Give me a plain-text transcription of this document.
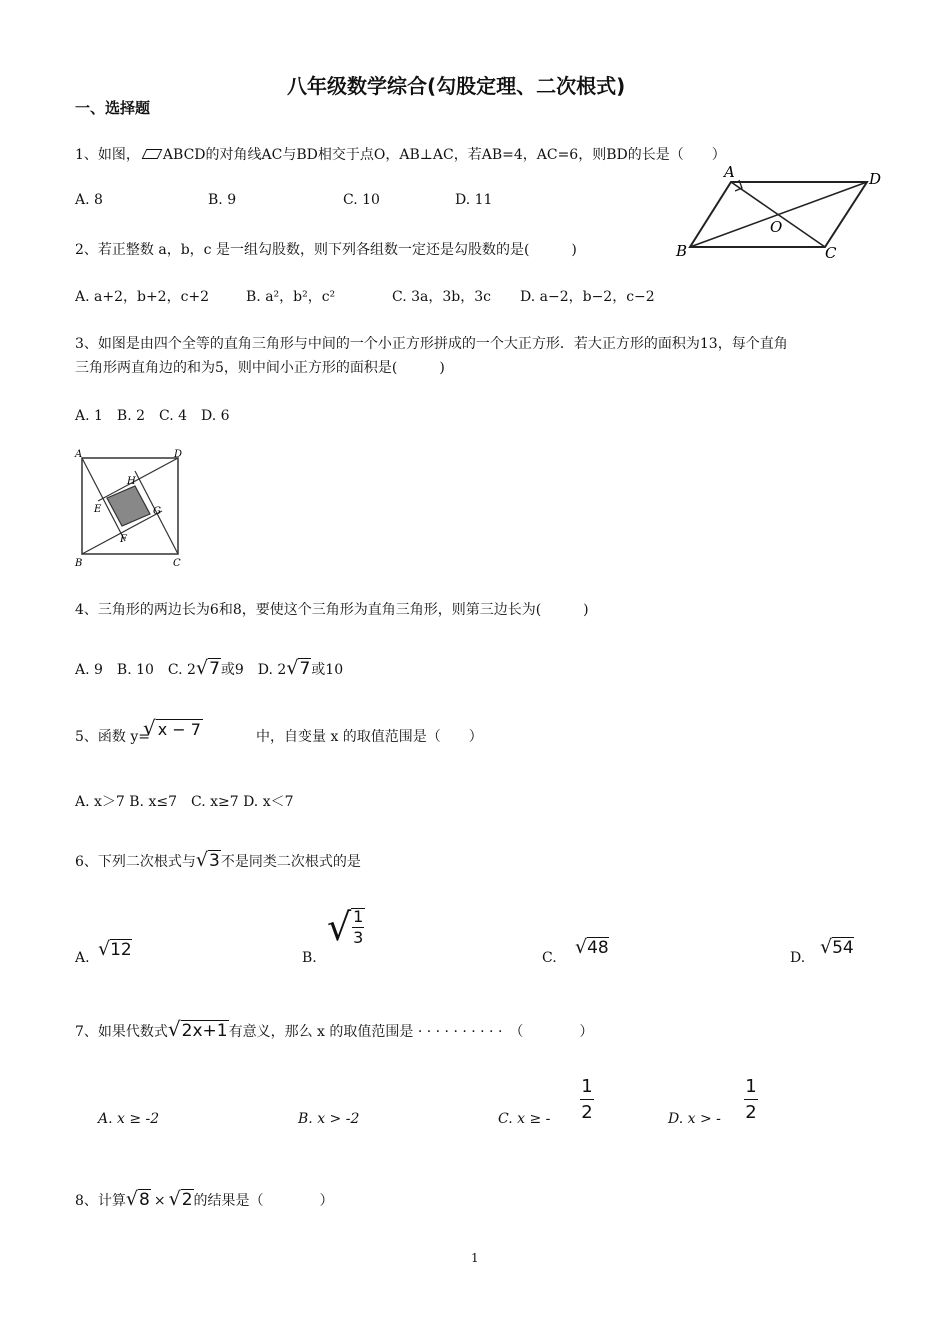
八年级数学综合(勾股定理、二次根式)
一、选择题
1、如图， ABCD的对角线AC与BD相交于点O，AB⊥AC，若AB=4，AC=6，则BD的长是（　　）
A. 8	B. 9	C. 10	D. 11
A	D
O
B	C
2、若正整数 a，b，c 是一组勾股数，则下列各组数一定还是勾股数的是(　　　)
A. a+2，b+2，c+2	B. a²，b²，c²	C. 3a，3b，3c D. a−2，b−2，c−2
3、如图是由四个全等的直角三角形与中间的一个小正方形拼成的一个大正方形．若大正方形的面积为13，每个直角
三角形两直角边的和为5，则中间小正方形的面积是(　　　)
A. 1　B. 2　C. 4　D. 6
A	D
H
E	G
F
B	C
4、三角形的两边长为6和8，要使这个三角形为直角三角形，则第三边长为(　　　)
A. 9　B. 10　C. 2√7或9　D. 2√7或10
5、函数 y=
√ x − 7	中，自变量 x 的取值范围是（　　）
A. x＞7 B. x≤7　C. x≥7 D. x＜7
6、下列二次根式与√3不是同类二次根式的是
A. √12	B.
√ $\frac{1}{3}$
C. √48	D. √54
7、如果代数式√2x+1有意义，那么 x 的取值范围是 · · · · · · · · · ·　（　　　　）
A. x ≥ -2	B. x > -2	C. x ≥ -
1
2	D. x > -
1
2
8、计算√8 × √2的结果是（　　　　）
1
